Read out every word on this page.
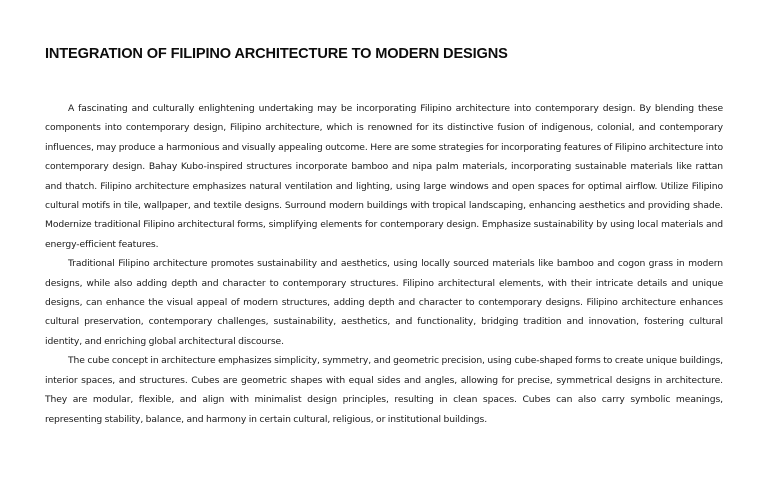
INTEGRATION OF FILIPINO ARCHITECTURE TO MODERN DESIGNS

A fascinating and culturally enlightening undertaking may be incorporating Filipino architecture into contemporary design. By blending these components into contemporary design, Filipino architecture, which is renowned for its distinctive fusion of indigenous, colonial, and contemporary influences, may produce a harmonious and visually appealing outcome. Here are some strategies for incorporating features of Filipino architecture into contemporary design. Bahay Kubo-inspired structures incorporate bamboo and nipa palm materials, incorporating sustainable materials like rattan and thatch. Filipino architecture emphasizes natural ventilation and lighting, using large windows and open spaces for optimal airflow. Utilize Filipino cultural motifs in tile, wallpaper, and textile designs. Surround modern buildings with tropical landscaping, enhancing aesthetics and providing shade. Modernize traditional Filipino architectural forms, simplifying elements for contemporary design. Emphasize sustainability by using local materials and energy-efficient features.

Traditional Filipino architecture promotes sustainability and aesthetics, using locally sourced materials like bamboo and cogon grass in modern designs, while also adding depth and character to contemporary structures. Filipino architectural elements, with their intricate details and unique designs, can enhance the visual appeal of modern structures, adding depth and character to contemporary designs. Filipino architecture enhances cultural preservation, contemporary challenges, sustainability, aesthetics, and functionality, bridging tradition and innovation, fostering cultural identity, and enriching global architectural discourse.

The cube concept in architecture emphasizes simplicity, symmetry, and geometric precision, using cube-shaped forms to create unique buildings, interior spaces, and structures. Cubes are geometric shapes with equal sides and angles, allowing for precise, symmetrical designs in architecture. They are modular, flexible, and align with minimalist design principles, resulting in clean spaces. Cubes can also carry symbolic meanings, representing stability, balance, and harmony in certain cultural, religious, or institutional buildings.
